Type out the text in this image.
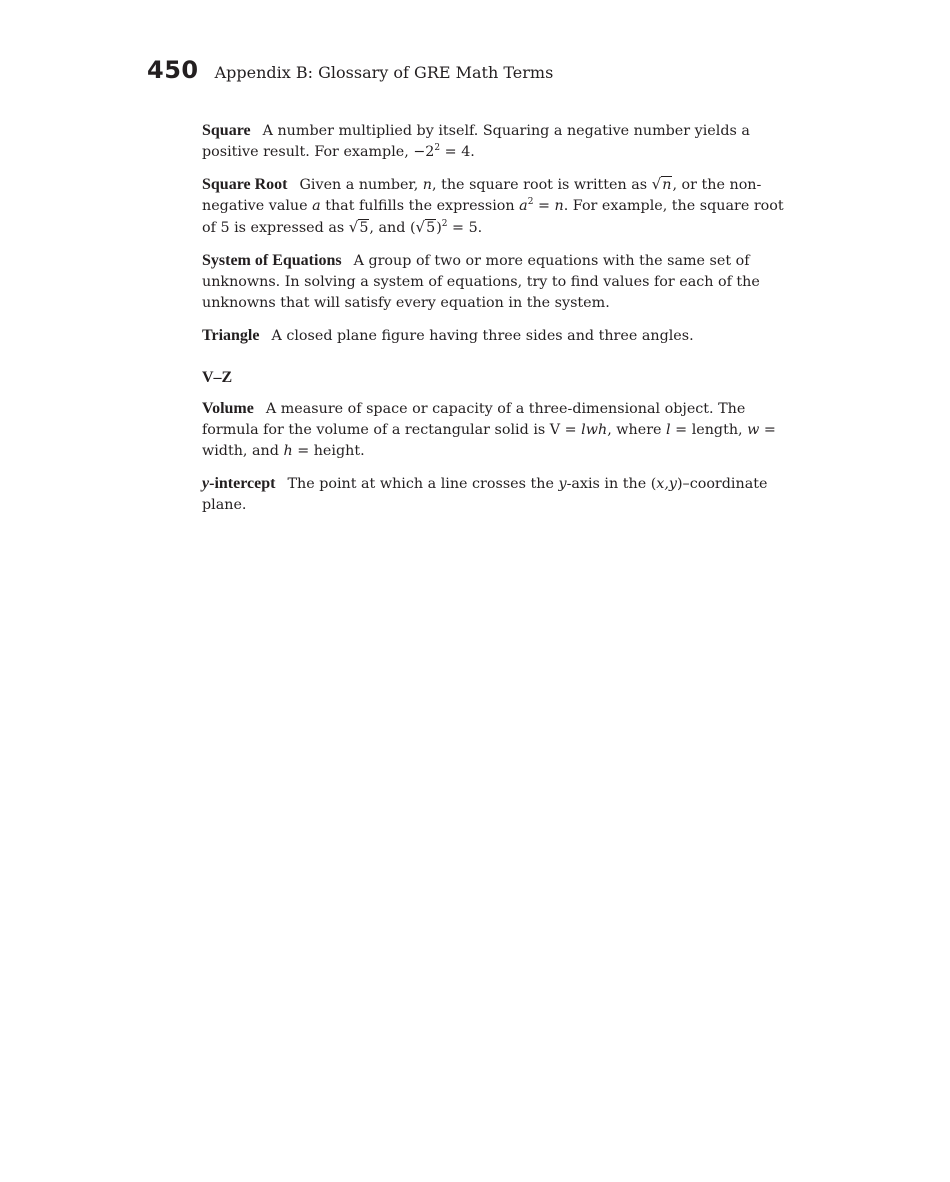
450 Appendix B: Glossary of GRE Math Terms

Square A number multiplied by itself. Squaring a negative number yields a positive result. For example, $-2^2 = 4$.

Square Root Given a number, n, the square root is written as √n, or the non-negative value a that fulfills the expression $a^2 = n$. For example, the square root of 5 is expressed as √5, and $(√5)^2 = 5$.

System of Equations A group of two or more equations with the same set of unknowns. In solving a system of equations, try to find values for each of the unknowns that will satisfy every equation in the system.

Triangle A closed plane figure having three sides and three angles.

V–Z

Volume A measure of space or capacity of a three-dimensional object. The formula for the volume of a rectangular solid is V = lwh, where l = length, w = width, and h = height.

y-intercept The point at which a line crosses the y-axis in the (x,y)–coordinate plane.
